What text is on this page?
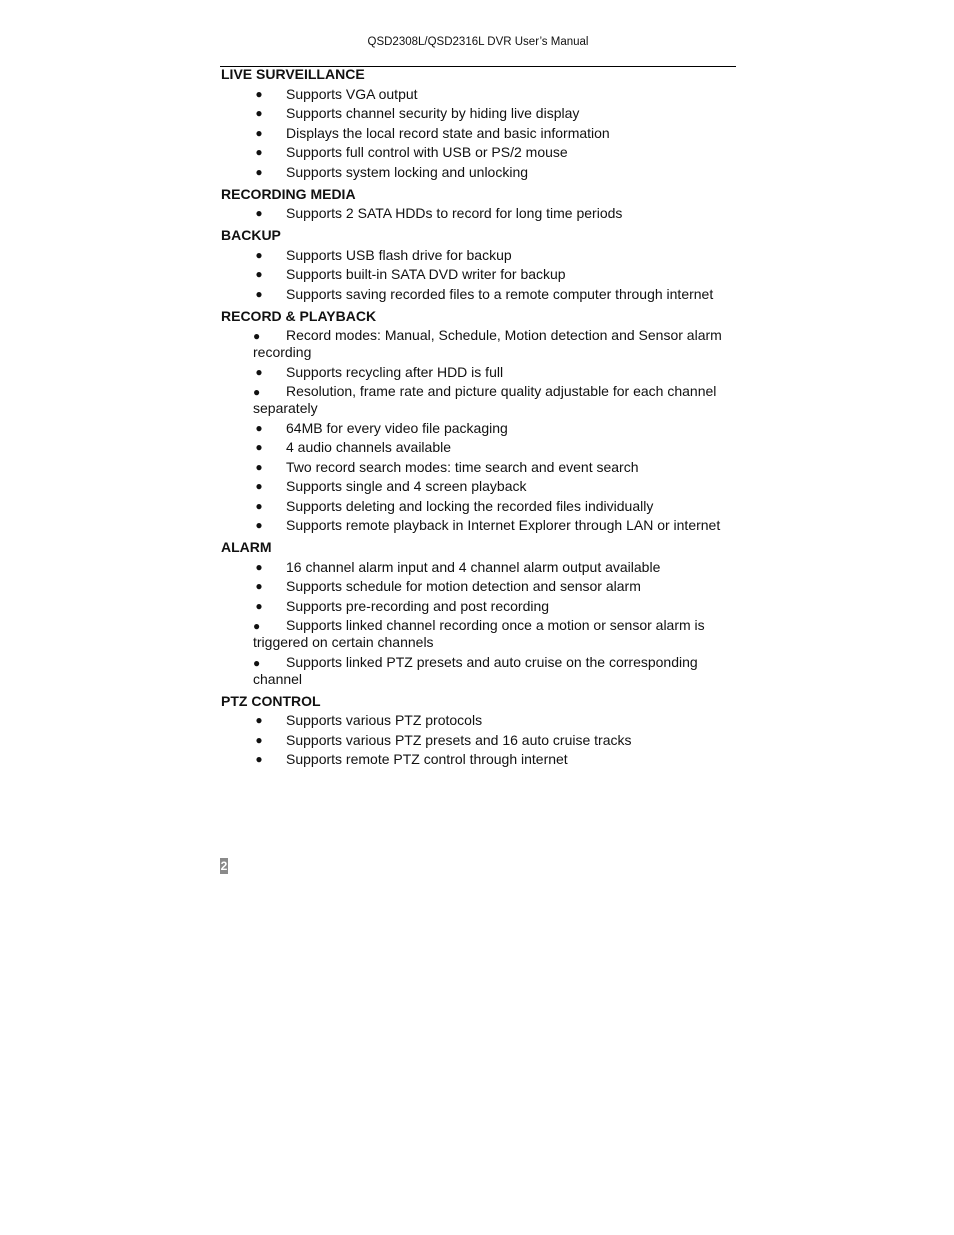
QSD2308L/QSD2316L DVR User’s Manual
LIVE SURVEILLANCE
● Supports VGA output
● Supports channel security by hiding live display
● Displays the local record state and basic information
● Supports full control with USB or PS/2 mouse
● Supports system locking and unlocking
RECORDING MEDIA
● Supports 2 SATA HDDs to record for long time periods
BACKUP
● Supports USB flash drive for backup
● Supports built-in SATA DVD writer for backup
● Supports saving recorded files to a remote computer through internet
RECORD & PLAYBACK
● Record modes: Manual, Schedule, Motion detection and Sensor alarm recording
● Supports recycling after HDD is full
● Resolution, frame rate and picture quality adjustable for each channel separately
● 64MB for every video file packaging
● 4 audio channels available
● Two record search modes: time search and event search
● Supports single and 4 screen playback
● Supports deleting and locking the recorded files individually
● Supports remote playback in Internet Explorer through LAN or internet
ALARM
● 16 channel alarm input and 4 channel alarm output available
● Supports schedule for motion detection and sensor alarm
● Supports pre-recording and post recording
● Supports linked channel recording once a motion or sensor alarm is triggered on certain channels
● Supports linked PTZ presets and auto cruise on the corresponding channel
PTZ CONTROL
● Supports various PTZ protocols
● Supports various PTZ presets and 16 auto cruise tracks
● Supports remote PTZ control through internet
2
